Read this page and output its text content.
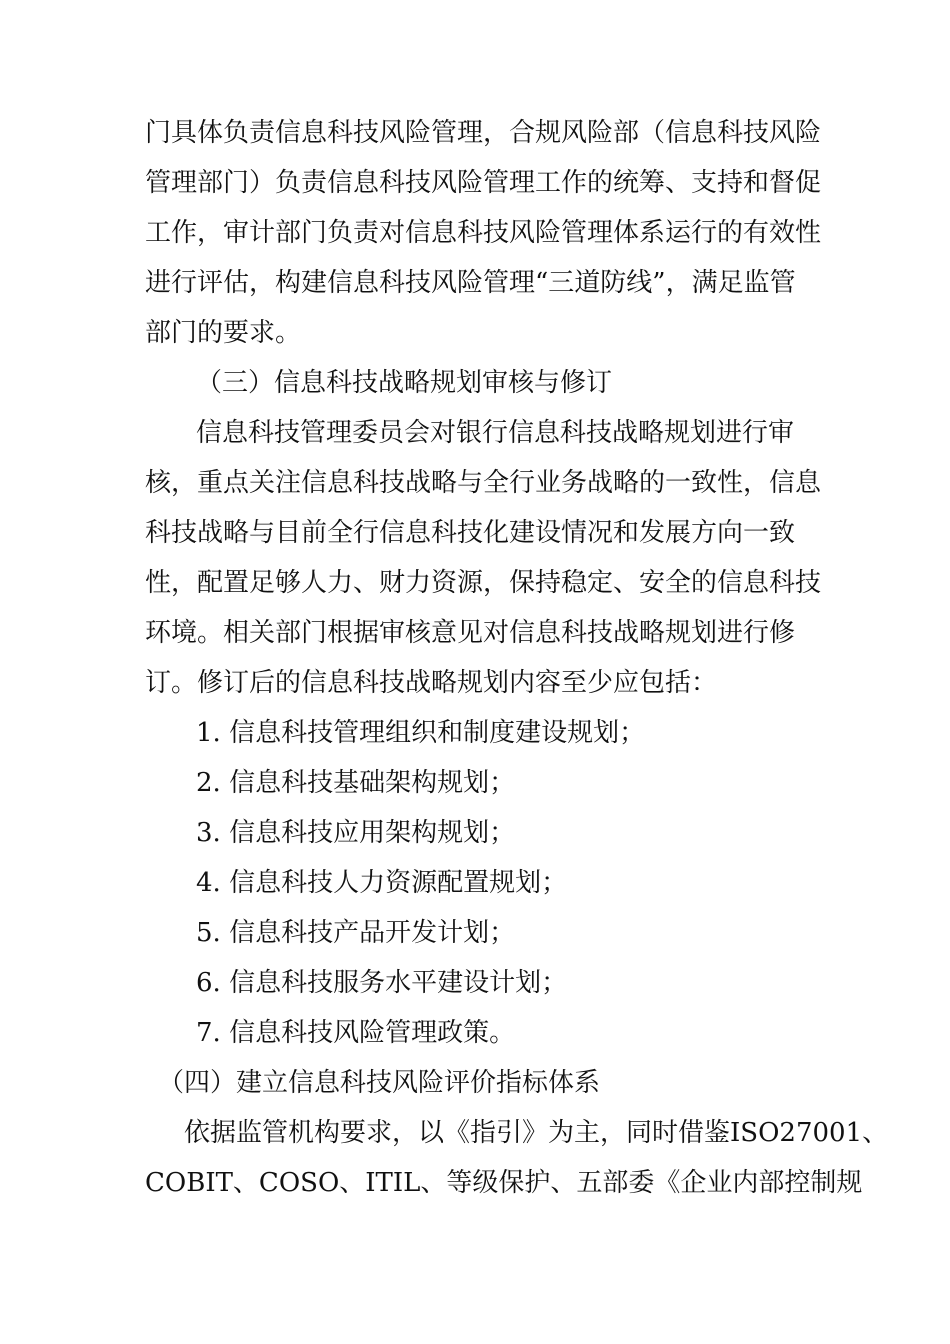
门具体负责信息科技风险管理，合规风险部（信息科技风险
管理部门）负责信息科技风险管理工作的统筹、支持和督促
工作，审计部门负责对信息科技风险管理体系运行的有效性
进行评估，构建信息科技风险管理“三道防线”，满足监管
部门的要求。
（三）信息科技战略规划审核与修订
信息科技管理委员会对银行信息科技战略规划进行审
核，重点关注信息科技战略与全行业务战略的一致性，信息
科技战略与目前全行信息科技化建设情况和发展方向一致
性，配置足够人力、财力资源，保持稳定、安全的信息科技
环境。相关部门根据审核意见对信息科技战略规划进行修
订。修订后的信息科技战略规划内容至少应包括：
1. 信息科技管理组织和制度建设规划；
2. 信息科技基础架构规划；
3. 信息科技应用架构规划；
4. 信息科技人力资源配置规划；
5. 信息科技产品开发计划；
6. 信息科技服务水平建设计划；
7. 信息科技风险管理政策。
（四）建立信息科技风险评价指标体系
依据监管机构要求，以《指引》为主，同时借鉴ISO27001、
COBIT、COSO、ITIL、等级保护、五部委《企业内部控制规
